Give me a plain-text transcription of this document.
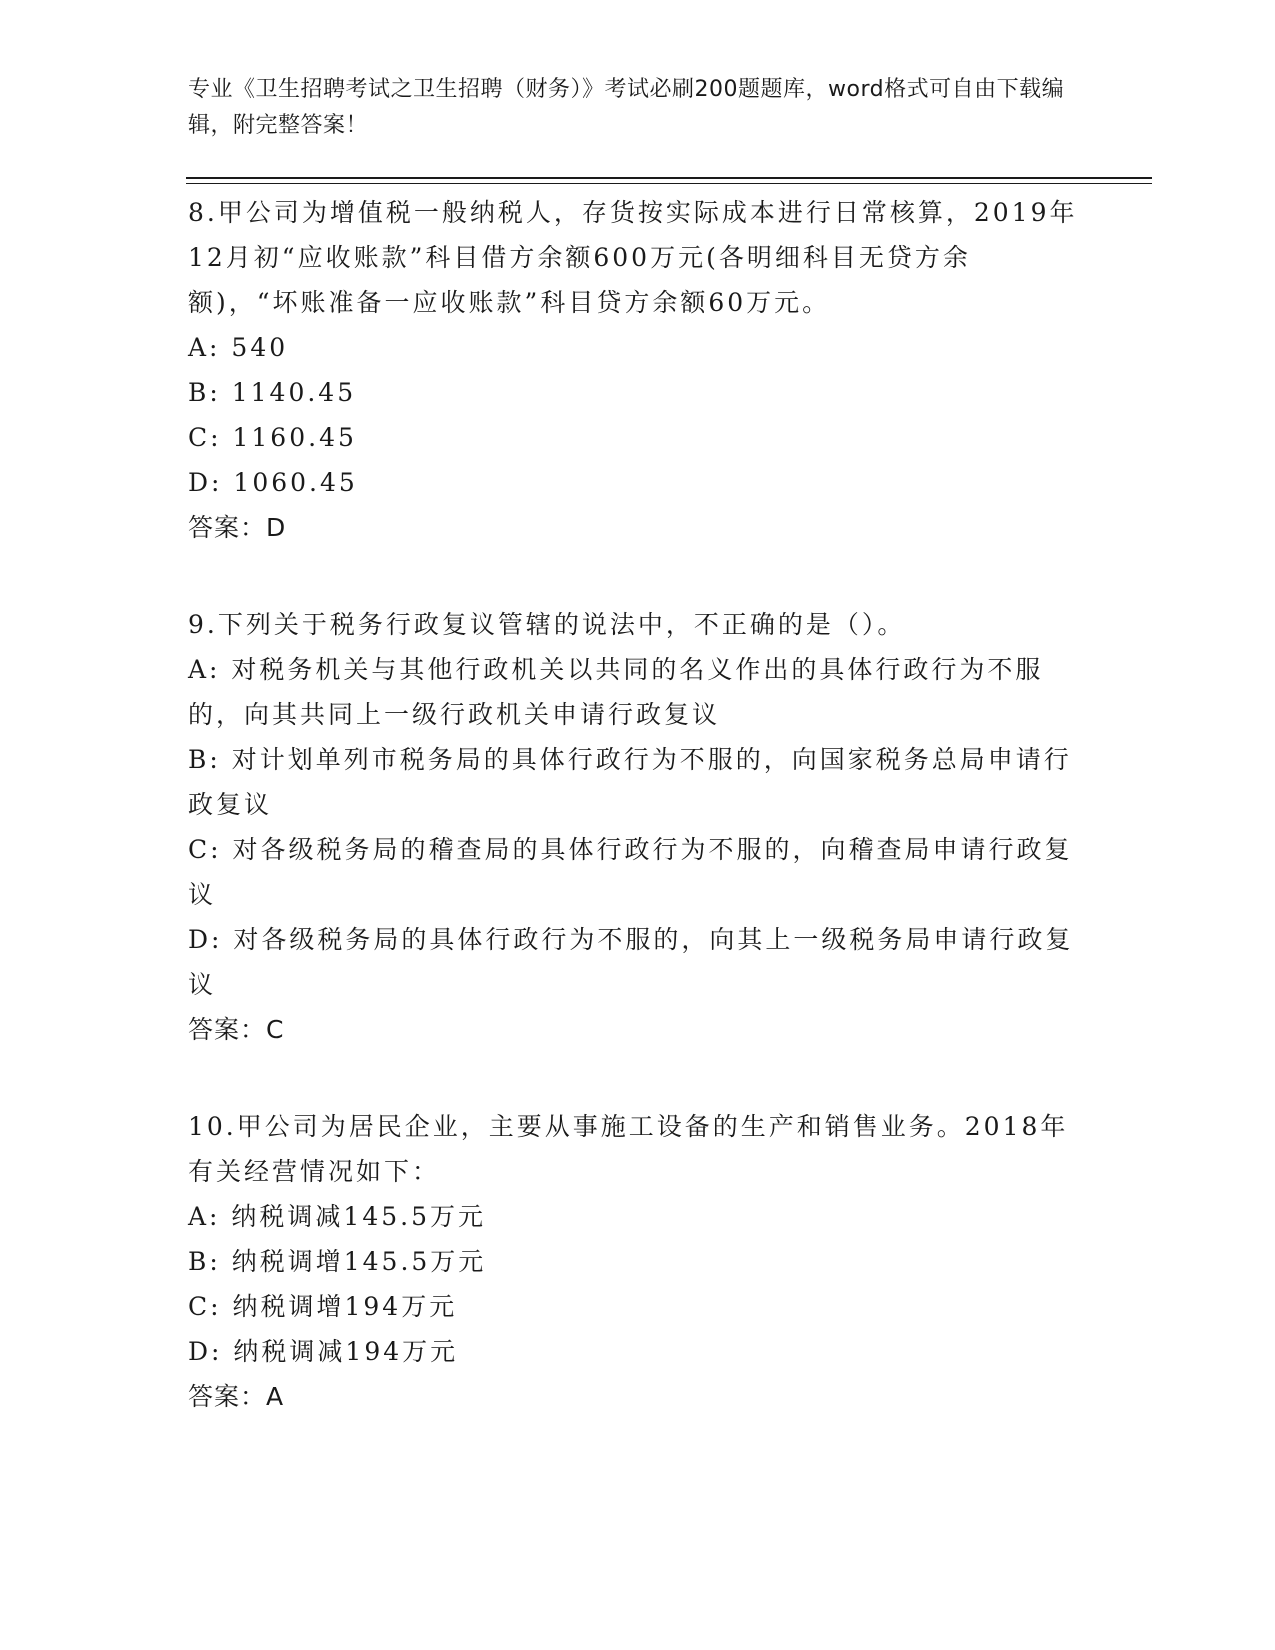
专业《卫生招聘考试之卫生招聘（财务）》考试必刷200题题库，word格式可自由下载编辑，附完整答案！

8.甲公司为增值税一般纳税人，存货按实际成本进行日常核算，2019年12月初“应收账款”科目借方余额600万元(各明细科目无贷方余额)，“坏账准备一应收账款”科目贷方余额60万元。

A: 540

B: 1140.45

C: 1160.45

D: 1060.45

答案：D

9.下列关于税务行政复议管辖的说法中，不正确的是（）。

A: 对税务机关与其他行政机关以共同的名义作出的具体行政行为不服的，向其共同上一级行政机关申请行政复议

B: 对计划单列市税务局的具体行政行为不服的，向国家税务总局申请行政复议

C: 对各级税务局的稽查局的具体行政行为不服的，向稽查局申请行政复议

D: 对各级税务局的具体行政行为不服的，向其上一级税务局申请行政复议

答案：C

10.甲公司为居民企业，主要从事施工设备的生产和销售业务。2018年有关经营情况如下：

A: 纳税调减145.5万元

B: 纳税调增145.5万元

C: 纳税调增194万元

D: 纳税调减194万元

答案：A
